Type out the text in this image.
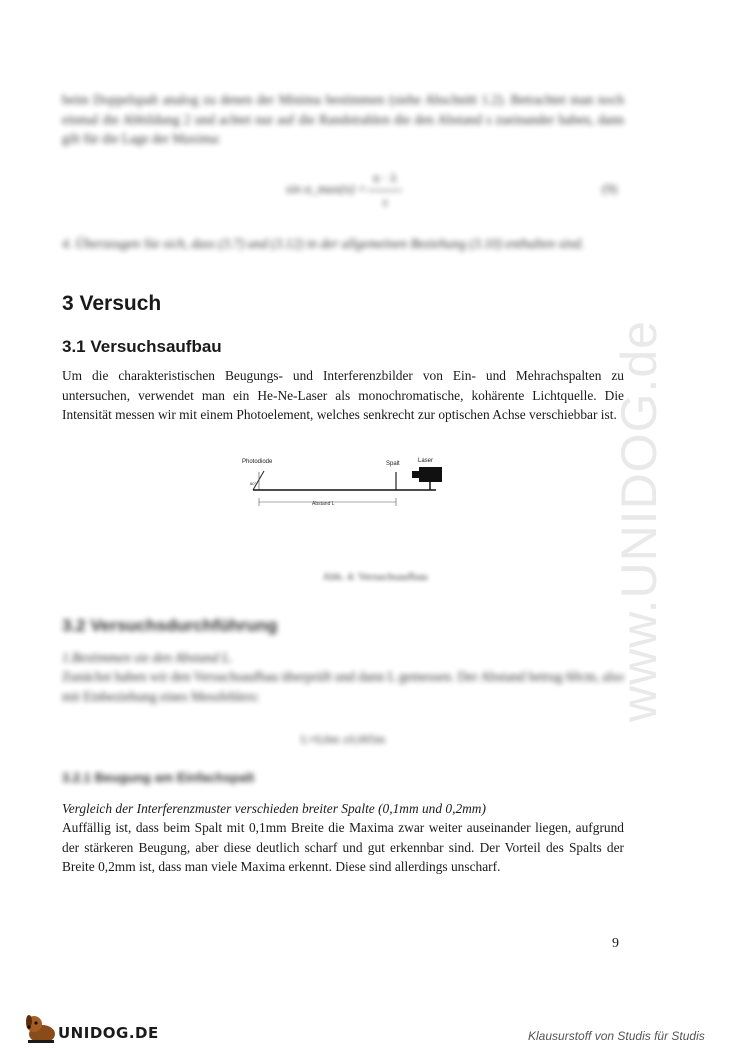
www.UNIDOG.de
beim Doppelspalt analog zu denen der Minima bestimmen (siehe Abschnitt 1.2). Betrachtet man noch einmal die Abbildung 2 und achtet nur auf die Randstrahlen die den Abstand s zueinander haben, dann gilt für die Lage der Maxima:
sin α_max(n) =
n · λ
s
(9)
4. Überzeugen Sie sich, dass (3.7) und (3.12) in der allgemeinen Beziehung (3.10) enthalten sind.
3 Versuch
3.1 Versuchsaufbau
Um die charakteristischen Beugungs- und Interferenzbilder von Ein- und Mehrachspalten zu untersuchen, verwendet man ein He-Ne-Laser als monochromatische, kohärente Lichtquelle. Die Intensität messen wir mit einem Photoelement, welches senkrecht zur optischen Achse verschiebbar ist.
Photodiode
60°
Spalt	Laser
Abstand L
Abb. 4: Versuchsaufbau
3.2 Versuchsdurchführung
1.Bestimmen sie den Abstand L.
Zunächst haben wir den Versuchsaufbau überprüft und dann L gemessen. Der Abstand betrug 60cm, also mit Einbeziehung eines Messfehlers:
L=0,6m ±0,005m
3.2.1 Beugung am Einfachspalt
Vergleich der Interferenzmuster verschieden breiter Spalte (0,1mm und 0,2mm)
Auffällig ist, dass beim Spalt mit 0,1mm Breite die Maxima zwar weiter auseinander liegen, aufgrund der stärkeren Beugung, aber diese deutlich scharf und gut erkennbar sind. Der Vorteil des Spalts der Breite 0,2mm ist, dass man viele Maxima erkennt. Diese sind allerdings unscharf.
9
UNIDOG.DE	Klausurstoff von Studis für Studis
